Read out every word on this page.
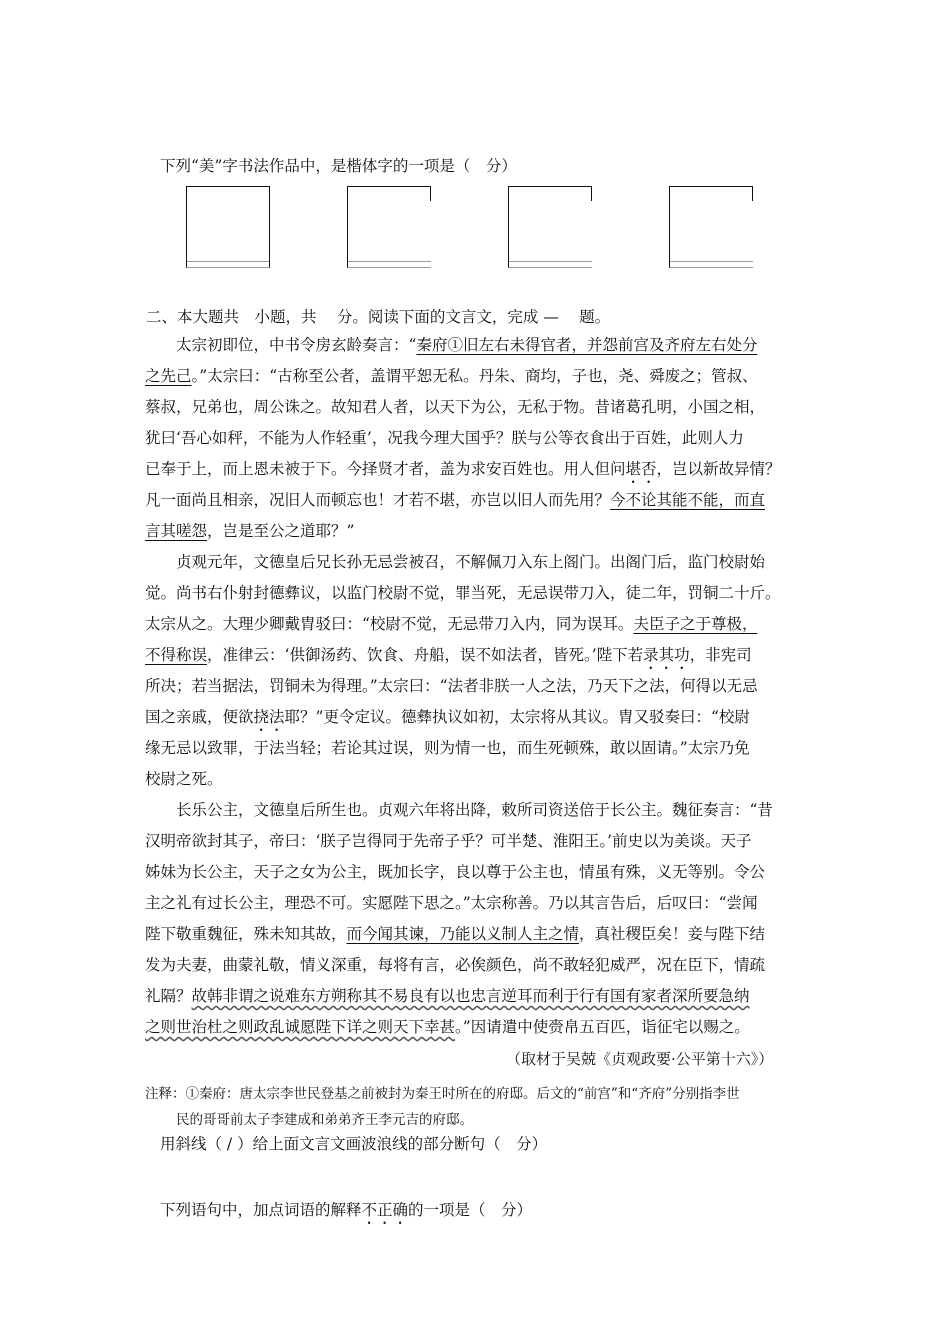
下列“美”字书法作品中，是楷体字的一项是（　分）
二、本大题共　小题，共　 分。阅读下面的文言文，完成 — 　题。
太宗初即位，中书令房玄龄奏言：“秦府①旧左右未得官者，并怨前宫及齐府左右处分
之先己。”太宗曰：“古称至公者，盖谓平恕无私。丹朱、商均，子也，尧、舜废之；管叔、
蔡叔，兄弟也，周公诛之。故知君人者，以天下为公，无私于物。昔诸葛孔明，小国之相，
犹曰‘吾心如秤，不能为人作轻重’，况我今理大国乎？朕与公等衣食出于百姓，此则人力
已奉于上，而上恩未被于下。今择贤才者，盖为求安百姓也。用人但问堪否，岂以新故异情？
凡一面尚且相亲，况旧人而顿忘也！才若不堪，亦岂以旧人而先用？今不论其能不能，而直
言其嗟怨，岂是至公之道耶？”
贞观元年，文德皇后兄长孙无忌尝被召，不解佩刀入东上阁门。出阁门后，监门校尉始
觉。尚书右仆射封德彝议，以监门校尉不觉，罪当死，无忌误带刀入，徒二年，罚铜二十斤。
太宗从之。大理少卿戴胄驳曰：“校尉不觉，无忌带刀入内，同为误耳。夫臣子之于尊极，
不得称误，准律云：‘供御汤药、饮食、舟船，误不如法者，皆死。’陛下若录其功，非宪司
所决；若当据法，罚铜未为得理。”太宗曰：“法者非朕一人之法，乃天下之法，何得以无忌
国之亲戚，便欲挠法耶？”更令定议。德彝执议如初，太宗将从其议。胄又驳奏曰：“校尉
缘无忌以致罪，于法当轻；若论其过误，则为情一也，而生死顿殊，敢以固请。”太宗乃免
校尉之死。
长乐公主，文德皇后所生也。贞观六年将出降，敕所司资送倍于长公主。魏征奏言：“昔
汉明帝欲封其子，帝曰：‘朕子岂得同于先帝子乎？可半楚、淮阳王。’前史以为美谈。天子
姊妹为长公主，天子之女为公主，既加长字，良以尊于公主也，情虽有殊，义无等别。令公
主之礼有过长公主，理恐不可。实愿陛下思之。”太宗称善。乃以其言告后，后叹曰：“尝闻
陛下敬重魏征，殊未知其故，而今闻其谏，乃能以义制人主之情，真社稷臣矣！妾与陛下结
发为夫妻，曲蒙礼敬，情义深重，每将有言，必俟颜色，尚不敢轻犯威严，况在臣下，情疏
礼隔？故韩非谓之说难东方朔称其不易良有以也忠言逆耳而利于行有国有家者深所要急纳
之则世治杜之则政乱诚愿陛下详之则天下幸甚。”因请遣中使赍帛五百匹，诣征宅以赐之。
（取材于吴兢《贞观政要·公平第十六》）
注释：①秦府：唐太宗李世民登基之前被封为秦王时所在的府邸。后文的“前宫”和“齐府”分别指李世
民的哥哥前太子李建成和弟弟齐王李元吉的府邸。
用斜线（ / ）给上面文言文画波浪线的部分断句（　分）
下列语句中，加点词语的解释不正确的一项是（　分）
